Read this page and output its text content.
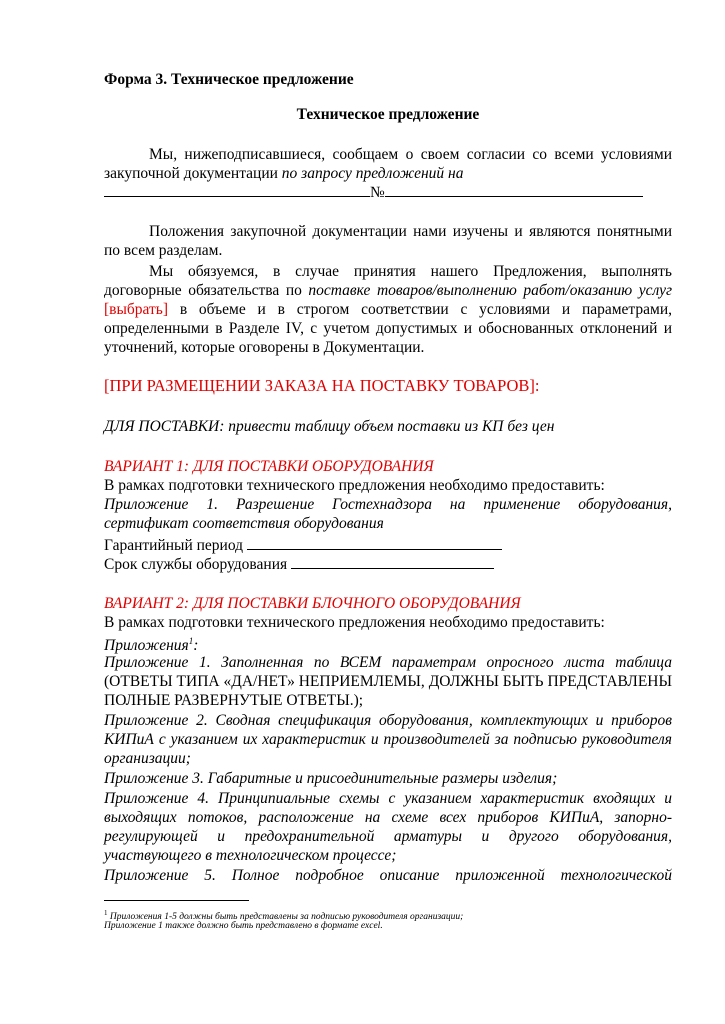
Форма 3. Техническое предложение
Техническое предложение
Мы, нижеподписавшиеся, сообщаем о своем согласии со всеми условиями закупочной документации по запросу предложений на
№
Положения закупочной документации нами изучены и являются понятными по всем разделам.
Мы обязуемся, в случае принятия нашего Предложения, выполнять договорные обязательства по поставке товаров/выполнению работ/оказанию услуг [выбрать] в объеме и в строгом соответствии с условиями и параметрами, определенными в Разделе IV, с учетом допустимых и обоснованных отклонений и уточнений, которые оговорены в Документации.
[ПРИ РАЗМЕЩЕНИИ ЗАКАЗА НА ПОСТАВКУ ТОВАРОВ]:
ДЛЯ ПОСТАВКИ: привести таблицу объем поставки из КП без цен
ВАРИАНТ 1: ДЛЯ ПОСТАВКИ ОБОРУДОВАНИЯ
В рамках подготовки технического предложения необходимо предоставить:
Приложение 1. Разрешение Гостехнадзора на применение оборудования, сертификат соответствия оборудования
Гарантийный период
Срок службы оборудования
ВАРИАНТ 2: ДЛЯ ПОСТАВКИ БЛОЧНОГО ОБОРУДОВАНИЯ
В рамках подготовки технического предложения необходимо предоставить:
Приложения$^1$:
Приложение 1. Заполненная по ВСЕМ параметрам опросного листа таблица (ОТВЕТЫ ТИПА «ДА/НЕТ» НЕПРИЕМЛЕМЫ, ДОЛЖНЫ БЫТЬ ПРЕДСТАВЛЕНЫ ПОЛНЫЕ РАЗВЕРНУТЫЕ ОТВЕТЫ.);
Приложение 2. Сводная спецификация оборудования, комплектующих и приборов КИПиА с указанием их характеристик и производителей за подписью руководителя организации;
Приложение 3. Габаритные и присоединительные размеры изделия;
Приложение 4. Принципиальные схемы с указанием характеристик входящих и выходящих потоков, расположение на схеме всех приборов КИПиА, запорно-регулирующей и предохранительной арматуры и другого оборудования, участвующего в технологическом процессе;
Приложение 5. Полное подробное описание приложенной технологической
$^1$ Приложения 1-5 должны быть представлены за подписью руководителя организации;
Приложение 1 также должно быть представлено в формате excel.
